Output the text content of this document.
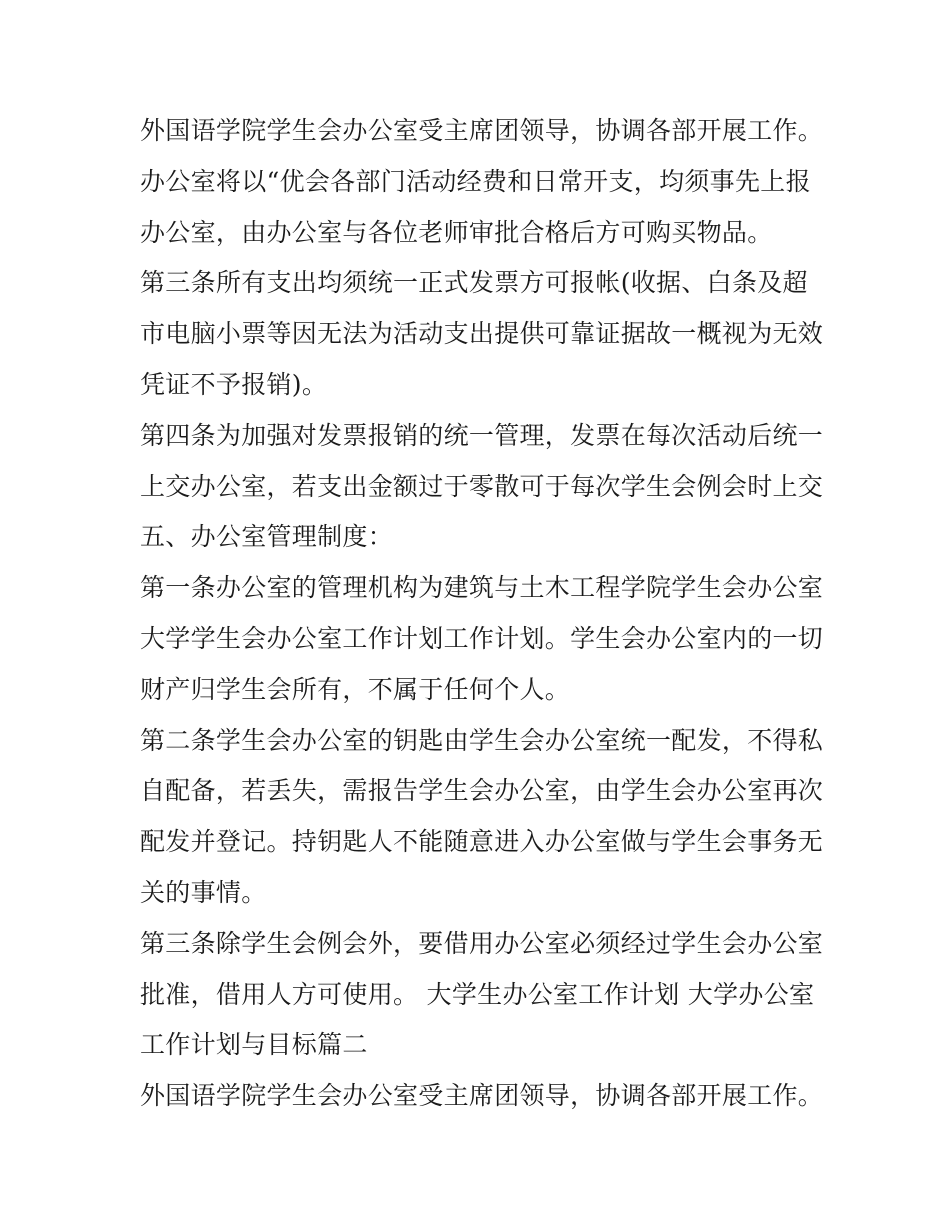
外国语学院学生会办公室受主席团领导，协调各部开展工作。
办公室将以“优会各部门活动经费和日常开支，均须事先上报
办公室，由办公室与各位老师审批合格后方可购买物品。
第三条所有支出均须统一正式发票方可报帐(收据、白条及超
市电脑小票等因无法为活动支出提供可靠证据故一概视为无效
凭证不予报销)。
第四条为加强对发票报销的统一管理，发票在每次活动后统一
上交办公室，若支出金额过于零散可于每次学生会例会时上交
五、办公室管理制度：
第一条办公室的管理机构为建筑与土木工程学院学生会办公室
大学学生会办公室工作计划工作计划。学生会办公室内的一切
财产归学生会所有，不属于任何个人。
第二条学生会办公室的钥匙由学生会办公室统一配发，不得私
自配备，若丢失，需报告学生会办公室，由学生会办公室再次
配发并登记。持钥匙人不能随意进入办公室做与学生会事务无
关的事情。
第三条除学生会例会外，要借用办公室必须经过学生会办公室
批准，借用人方可使用。 大学生办公室工作计划 大学办公室
工作计划与目标篇二
外国语学院学生会办公室受主席团领导，协调各部开展工作。
